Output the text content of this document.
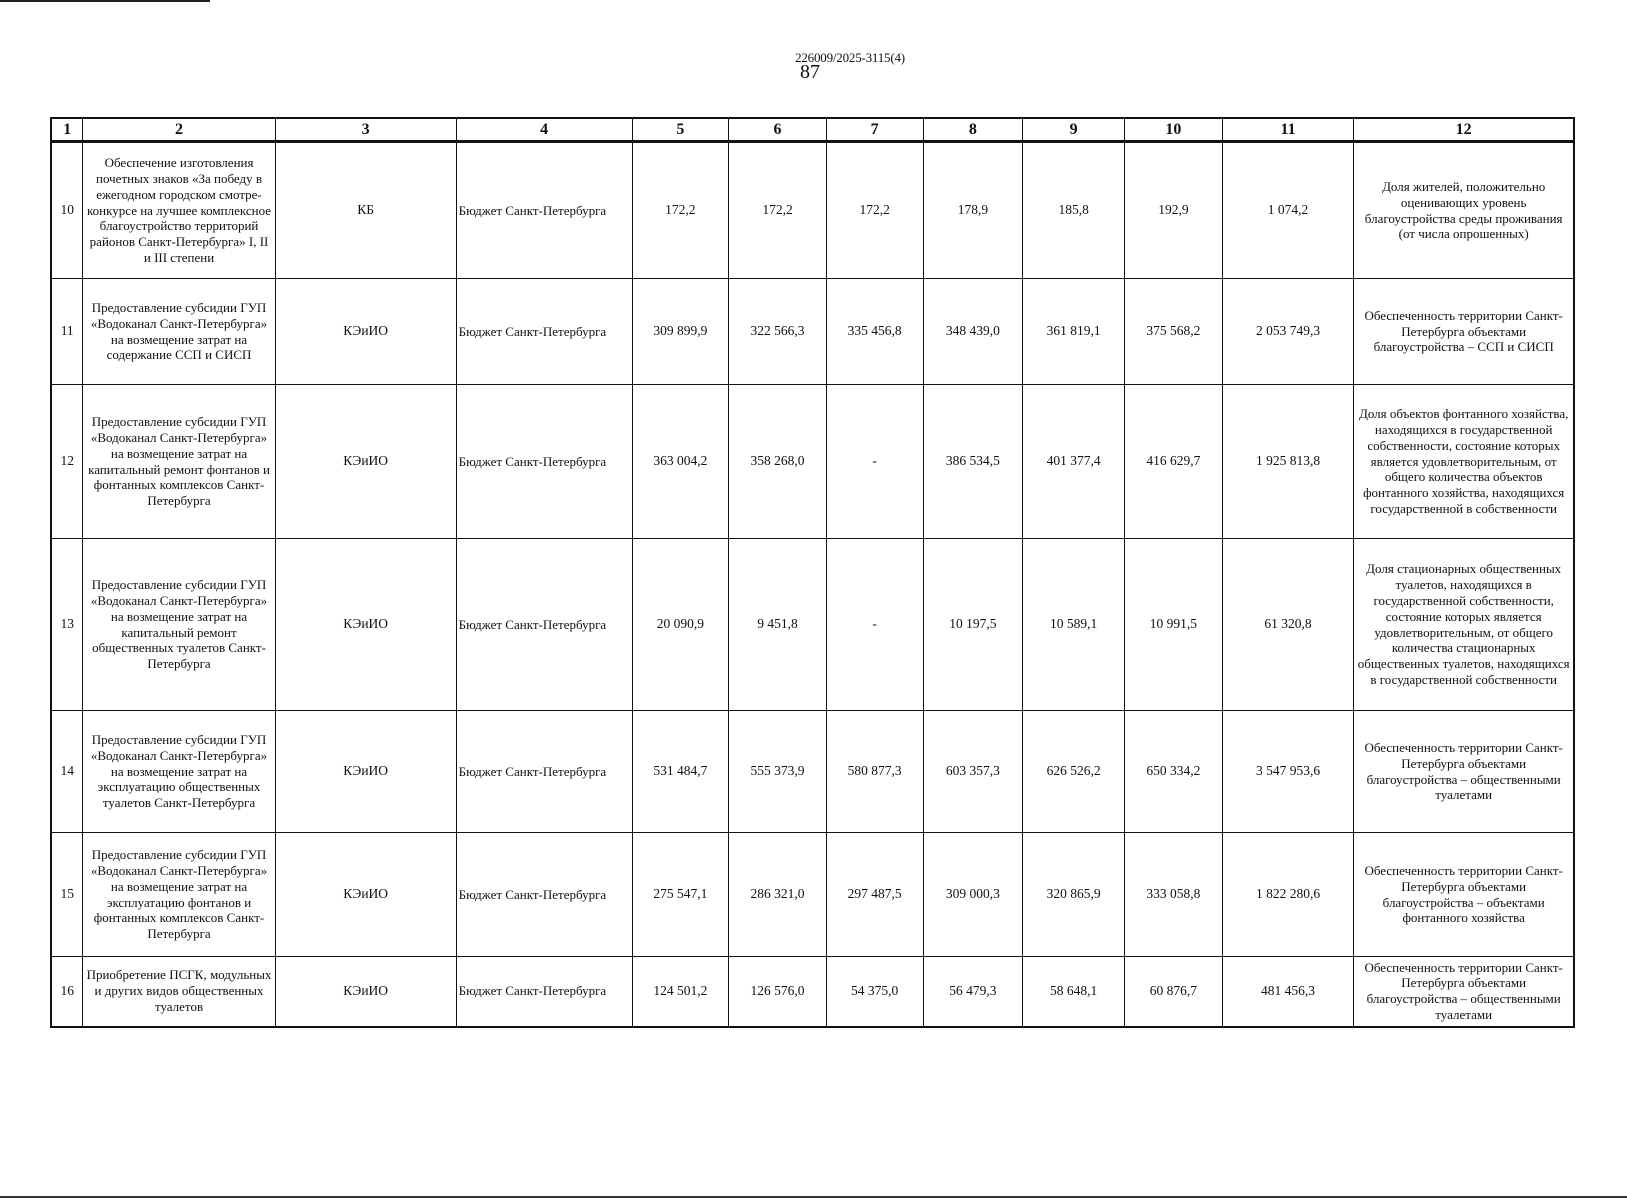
226009/2025-3115(4)
87
1	2	3	4	5	6	7	8	9	10	11	12
10	Обеспечение изготовления почетных знаков «За победу в ежегодном городском смотре-конкурсе на лучшее комплексное благоустройство территорий районов Санкт-Петербурга» I, II и III степени	КБ	Бюджет Санкт-Петербурга	172,2	172,2	172,2	178,9	185,8	192,9	1 074,2	Доля жителей, положительно оценивающих уровень благоустройства среды проживания (от числа опрошенных)
11	Предоставление субсидии ГУП «Водоканал Санкт-Петербурга» на возмещение затрат на содержание ССП и СИСП	КЭиИО	Бюджет Санкт-Петербурга	309 899,9	322 566,3	335 456,8	348 439,0	361 819,1	375 568,2	2 053 749,3	Обеспеченность территории Санкт-Петербурга объектами благоустройства – ССП и СИСП
12	Предоставление субсидии ГУП «Водоканал Санкт-Петербурга» на возмещение затрат на капитальный ремонт фонтанов и фонтанных комплексов Санкт-Петербурга	КЭиИО	Бюджет Санкт-Петербурга	363 004,2	358 268,0	-	386 534,5	401 377,4	416 629,7	1 925 813,8	Доля объектов фонтанного хозяйства, находящихся в государственной собственности, состояние которых является удовлетворительным, от общего количества объектов фонтанного хозяйства, находящихся государственной в собственности
13	Предоставление субсидии ГУП «Водоканал Санкт-Петербурга» на возмещение затрат на капитальный ремонт общественных туалетов Санкт-Петербурга	КЭиИО	Бюджет Санкт-Петербурга	20 090,9	9 451,8	-	10 197,5	10 589,1	10 991,5	61 320,8	Доля стационарных общественных туалетов, находящихся в государственной собственности, состояние которых является удовлетворительным, от общего количества стационарных общественных туалетов, находящихся в государственной собственности
14	Предоставление субсидии ГУП «Водоканал Санкт-Петербурга» на возмещение затрат на эксплуатацию общественных туалетов Санкт-Петербурга	КЭиИО	Бюджет Санкт-Петербурга	531 484,7	555 373,9	580 877,3	603 357,3	626 526,2	650 334,2	3 547 953,6	Обеспеченность территории Санкт-Петербурга объектами благоустройства – общественными туалетами
15	Предоставление субсидии ГУП «Водоканал Санкт-Петербурга» на возмещение затрат на эксплуатацию фонтанов и фонтанных комплексов Санкт-Петербурга	КЭиИО	Бюджет Санкт-Петербурга	275 547,1	286 321,0	297 487,5	309 000,3	320 865,9	333 058,8	1 822 280,6	Обеспеченность территории Санкт-Петербурга объектами благоустройства – объектами фонтанного хозяйства
16	Приобретение ПСГК, модульных и других видов общественных туалетов	КЭиИО	Бюджет Санкт-Петербурга	124 501,2	126 576,0	54 375,0	56 479,3	58 648,1	60 876,7	481 456,3	Обеспеченность территории Санкт-Петербурга объектами благоустройства – общественными туалетами
